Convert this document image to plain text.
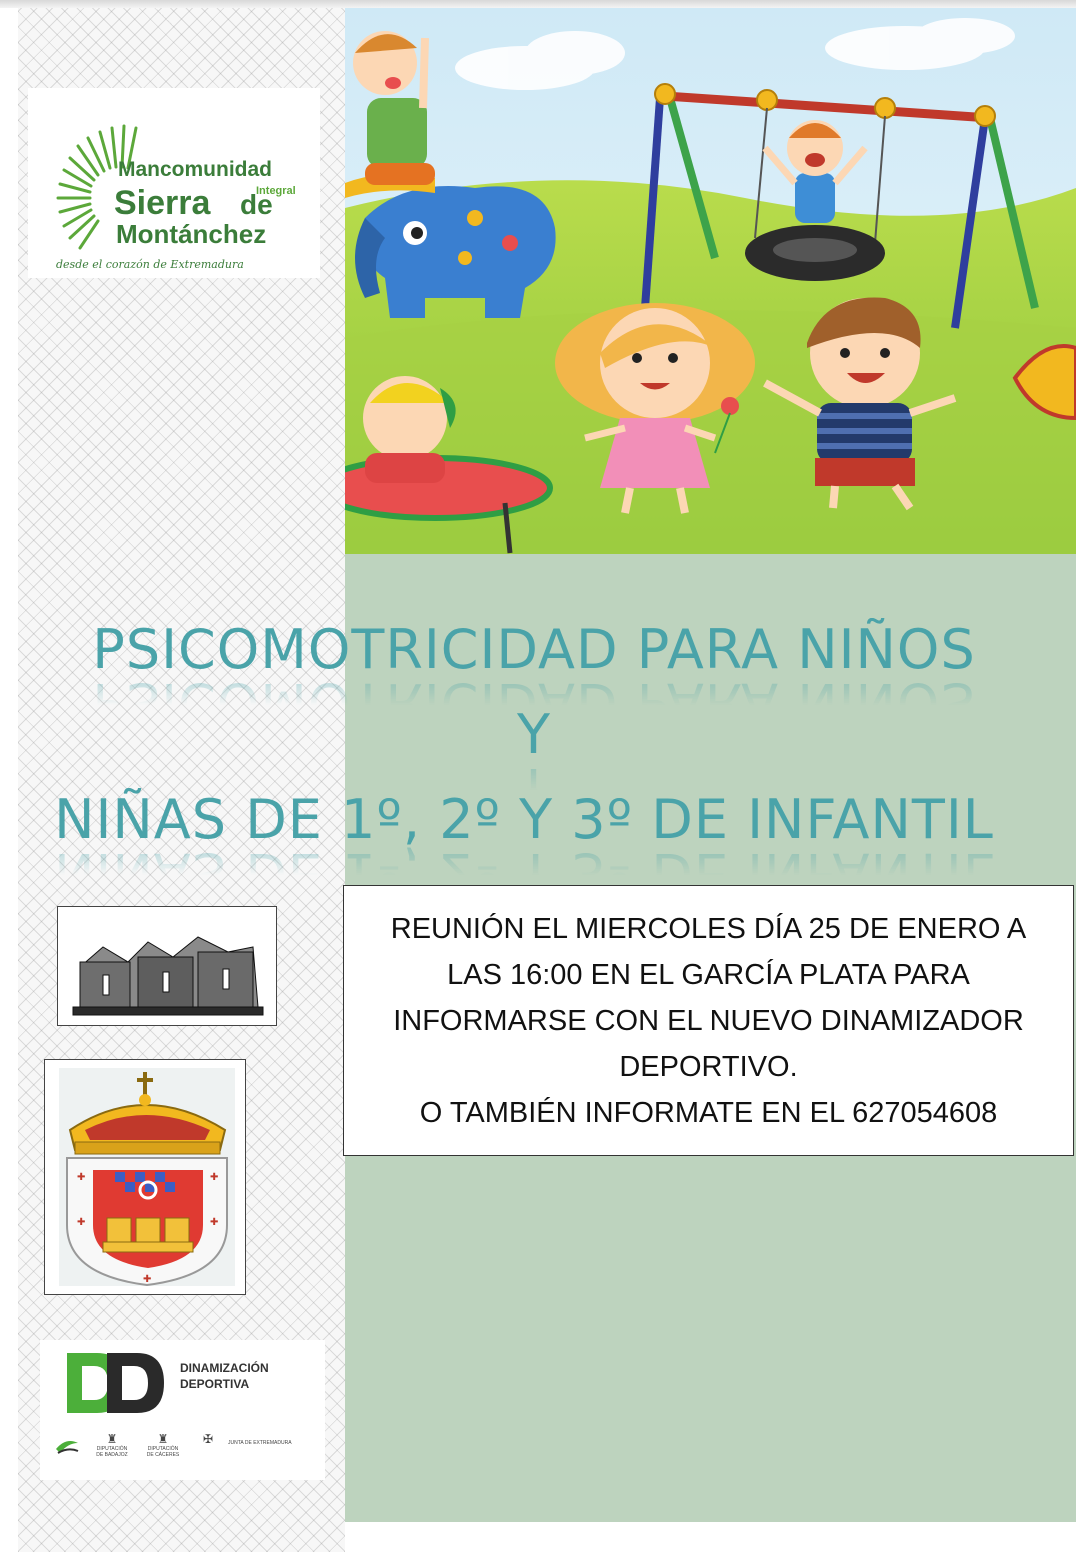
Mancomunidad
Integral
Sierra de
Montánchez
desde el corazón de Extremadura
PSICOMOTRICIDAD PARA NIÑOS
Y
NIÑAS DE 1º, 2º Y 3º DE INFANTIL
REUNIÓN EL MIERCOLES DÍA 25 DE ENERO A
LAS 16:00 EN EL GARCÍA PLATA PARA
INFORMARSE CON EL NUEVO DINAMIZADOR
DEPORTIVO.
O TAMBIÉN INFORMATE EN EL 627054608
✚	✚
✚	✚
✚
DINAMIZACIÓN
DEPORTIVA
♜
DIPUTACIÓN DE BADAJOZ
♜
DIPUTACIÓN DE CÁCERES
✠	JUNTA DE EXTREMADURA
